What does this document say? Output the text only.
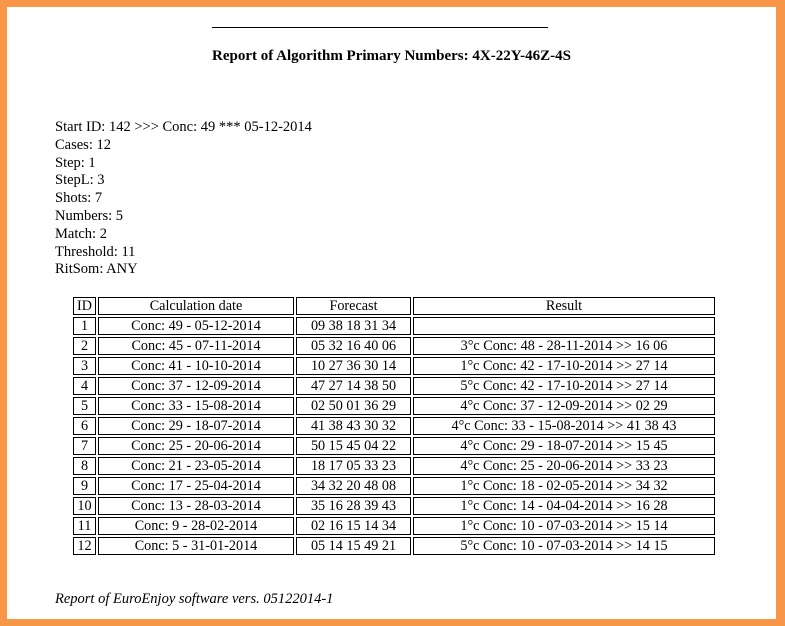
Report of Algorithm Primary Numbers: 4X-22Y-46Z-4S
Start ID: 142 >>> Conc: 49 *** 05-12-2014
Cases: 12
Step: 1
StepL: 3
Shots: 7
Numbers: 5
Match: 2
Threshold: 11
RitSom: ANY
ID	Calculation date	Forecast	Result
1	Conc: 49 - 05-12-2014	09 38 18 31 34	
2	Conc: 45 - 07-11-2014	05 32 16 40 06	3°c Conc: 48 - 28-11-2014 >> 16 06
3	Conc: 41 - 10-10-2014	10 27 36 30 14	1°c Conc: 42 - 17-10-2014 >> 27 14
4	Conc: 37 - 12-09-2014	47 27 14 38 50	5°c Conc: 42 - 17-10-2014 >> 27 14
5	Conc: 33 - 15-08-2014	02 50 01 36 29	4°c Conc: 37 - 12-09-2014 >> 02 29
6	Conc: 29 - 18-07-2014	41 38 43 30 32	4°c Conc: 33 - 15-08-2014 >> 41 38 43
7	Conc: 25 - 20-06-2014	50 15 45 04 22	4°c Conc: 29 - 18-07-2014 >> 15 45
8	Conc: 21 - 23-05-2014	18 17 05 33 23	4°c Conc: 25 - 20-06-2014 >> 33 23
9	Conc: 17 - 25-04-2014	34 32 20 48 08	1°c Conc: 18 - 02-05-2014 >> 34 32
10	Conc: 13 - 28-03-2014	35 16 28 39 43	1°c Conc: 14 - 04-04-2014 >> 16 28
11	Conc: 9 - 28-02-2014	02 16 15 14 34	1°c Conc: 10 - 07-03-2014 >> 15 14
12	Conc: 5 - 31-01-2014	05 14 15 49 21	5°c Conc: 10 - 07-03-2014 >> 14 15
Report of EuroEnjoy software vers. 05122014-1
